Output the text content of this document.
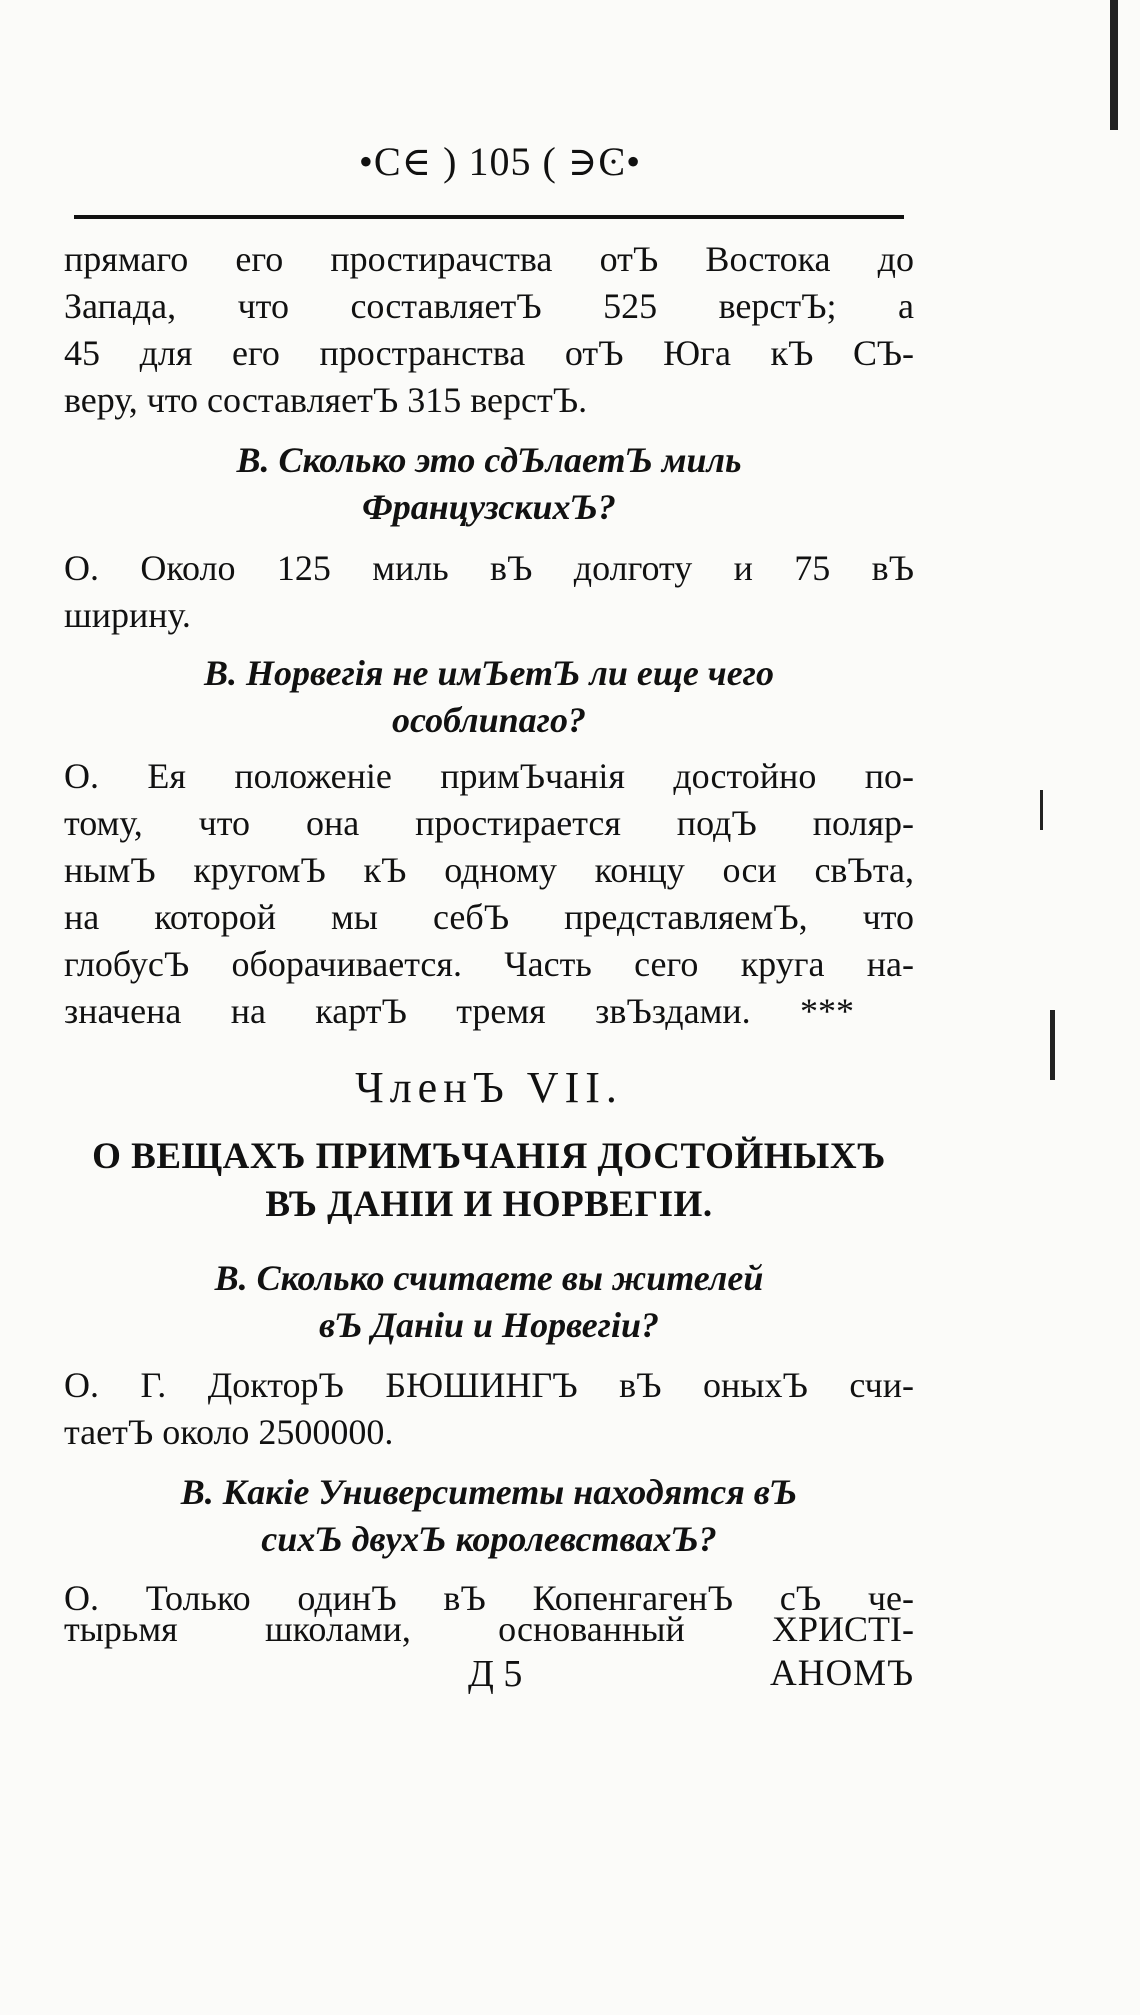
•Ϲ∈ ) 105 ( ∋Ͼ•
прямаго его простирачства отЪ Востока до
Запада, что составляетЪ 525 верстЪ; а
45 для его пространства отЪ Юга кЪ СЪ-
веру, что составляетЪ 315 верстЪ.
В. Сколько это сдЪлаетЪ миль
ФранцузскихЪ?
О. Около 125 миль вЪ долготу и 75 вЪ
ширину.
В. Норвегія не имЪетЪ ли еще чего
особлипаго?
О. Ея положеніе примЪчанія достойно по-
тому, что она простирается подЪ поляр-
нымЪ кругомЪ кЪ одному концу оси свЪта,
на которой мы себЪ представляемЪ, что
глобусЪ оборачивается. Часть сего круга на-
значена на картЪ тремя звЪздами. ***
ЧленЪ VII.
О ВЕЩАХЪ ПРИМЪЧАНІЯ ДОСТОЙНЫХЪ
ВЪ ДАНІИ И НОРВЕГІИ.
В. Сколько считаете вы жителей
вЪ Даніи и Норвегіи?
О. Г. ДокторЪ БЮШИНГЪ вЪ оныхЪ счи-
таетЪ около 2500000.
В. Какіе Университеты находятся вЪ
сихЪ двухЪ королевствахЪ?
О. Только одинЪ вЪ КопенгагенЪ сЪ че-
тырьмя школами, основанный ХРИСТІ-
Д 5	АНОМЪ
